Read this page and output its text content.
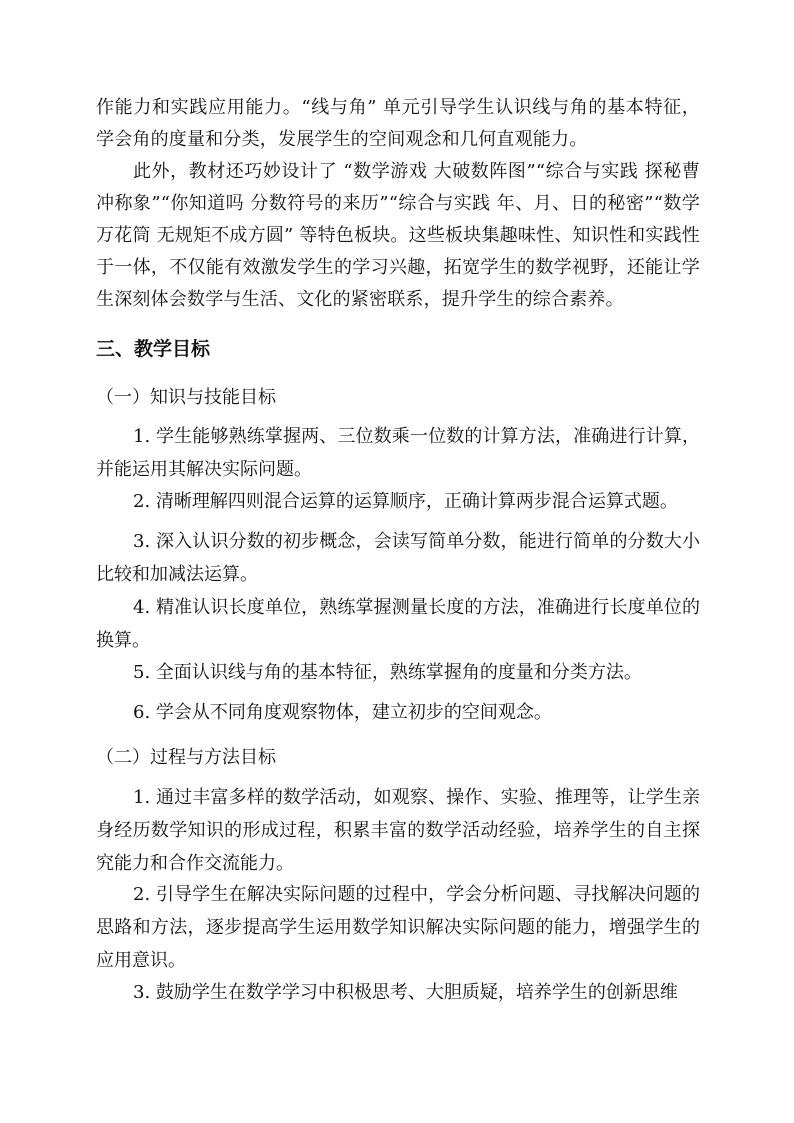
作能力和实践应用能力。“线与角” 单元引导学生认识线与角的基本特征，学会角的度量和分类，发展学生的空间观念和几何直观能力。

此外，教材还巧妙设计了 “数学游戏 大破数阵图”“综合与实践 探秘曹冲称象”“你知道吗 分数符号的来历”“综合与实践 年、月、日的秘密”“数学万花筒 无规矩不成方圆” 等特色板块。这些板块集趣味性、知识性和实践性于一体，不仅能有效激发学生的学习兴趣，拓宽学生的数学视野，还能让学生深刻体会数学与生活、文化的紧密联系，提升学生的综合素养。

三、教学目标
（一）知识与技能目标

1. 学生能够熟练掌握两、三位数乘一位数的计算方法，准确进行计算，并能运用其解决实际问题。

2. 清晰理解四则混合运算的运算顺序，正确计算两步混合运算式题。

3. 深入认识分数的初步概念，会读写简单分数，能进行简单的分数大小比较和加减法运算。

4. 精准认识长度单位，熟练掌握测量长度的方法，准确进行长度单位的换算。

5. 全面认识线与角的基本特征，熟练掌握角的度量和分类方法。

6. 学会从不同角度观察物体，建立初步的空间观念。

（二）过程与方法目标

1. 通过丰富多样的数学活动，如观察、操作、实验、推理等，让学生亲身经历数学知识的形成过程，积累丰富的数学活动经验，培养学生的自主探究能力和合作交流能力。

2. 引导学生在解决实际问题的过程中，学会分析问题、寻找解决问题的思路和方法，逐步提高学生运用数学知识解决实际问题的能力，增强学生的应用意识。

3. 鼓励学生在数学学习中积极思考、大胆质疑，培养学生的创新思维
